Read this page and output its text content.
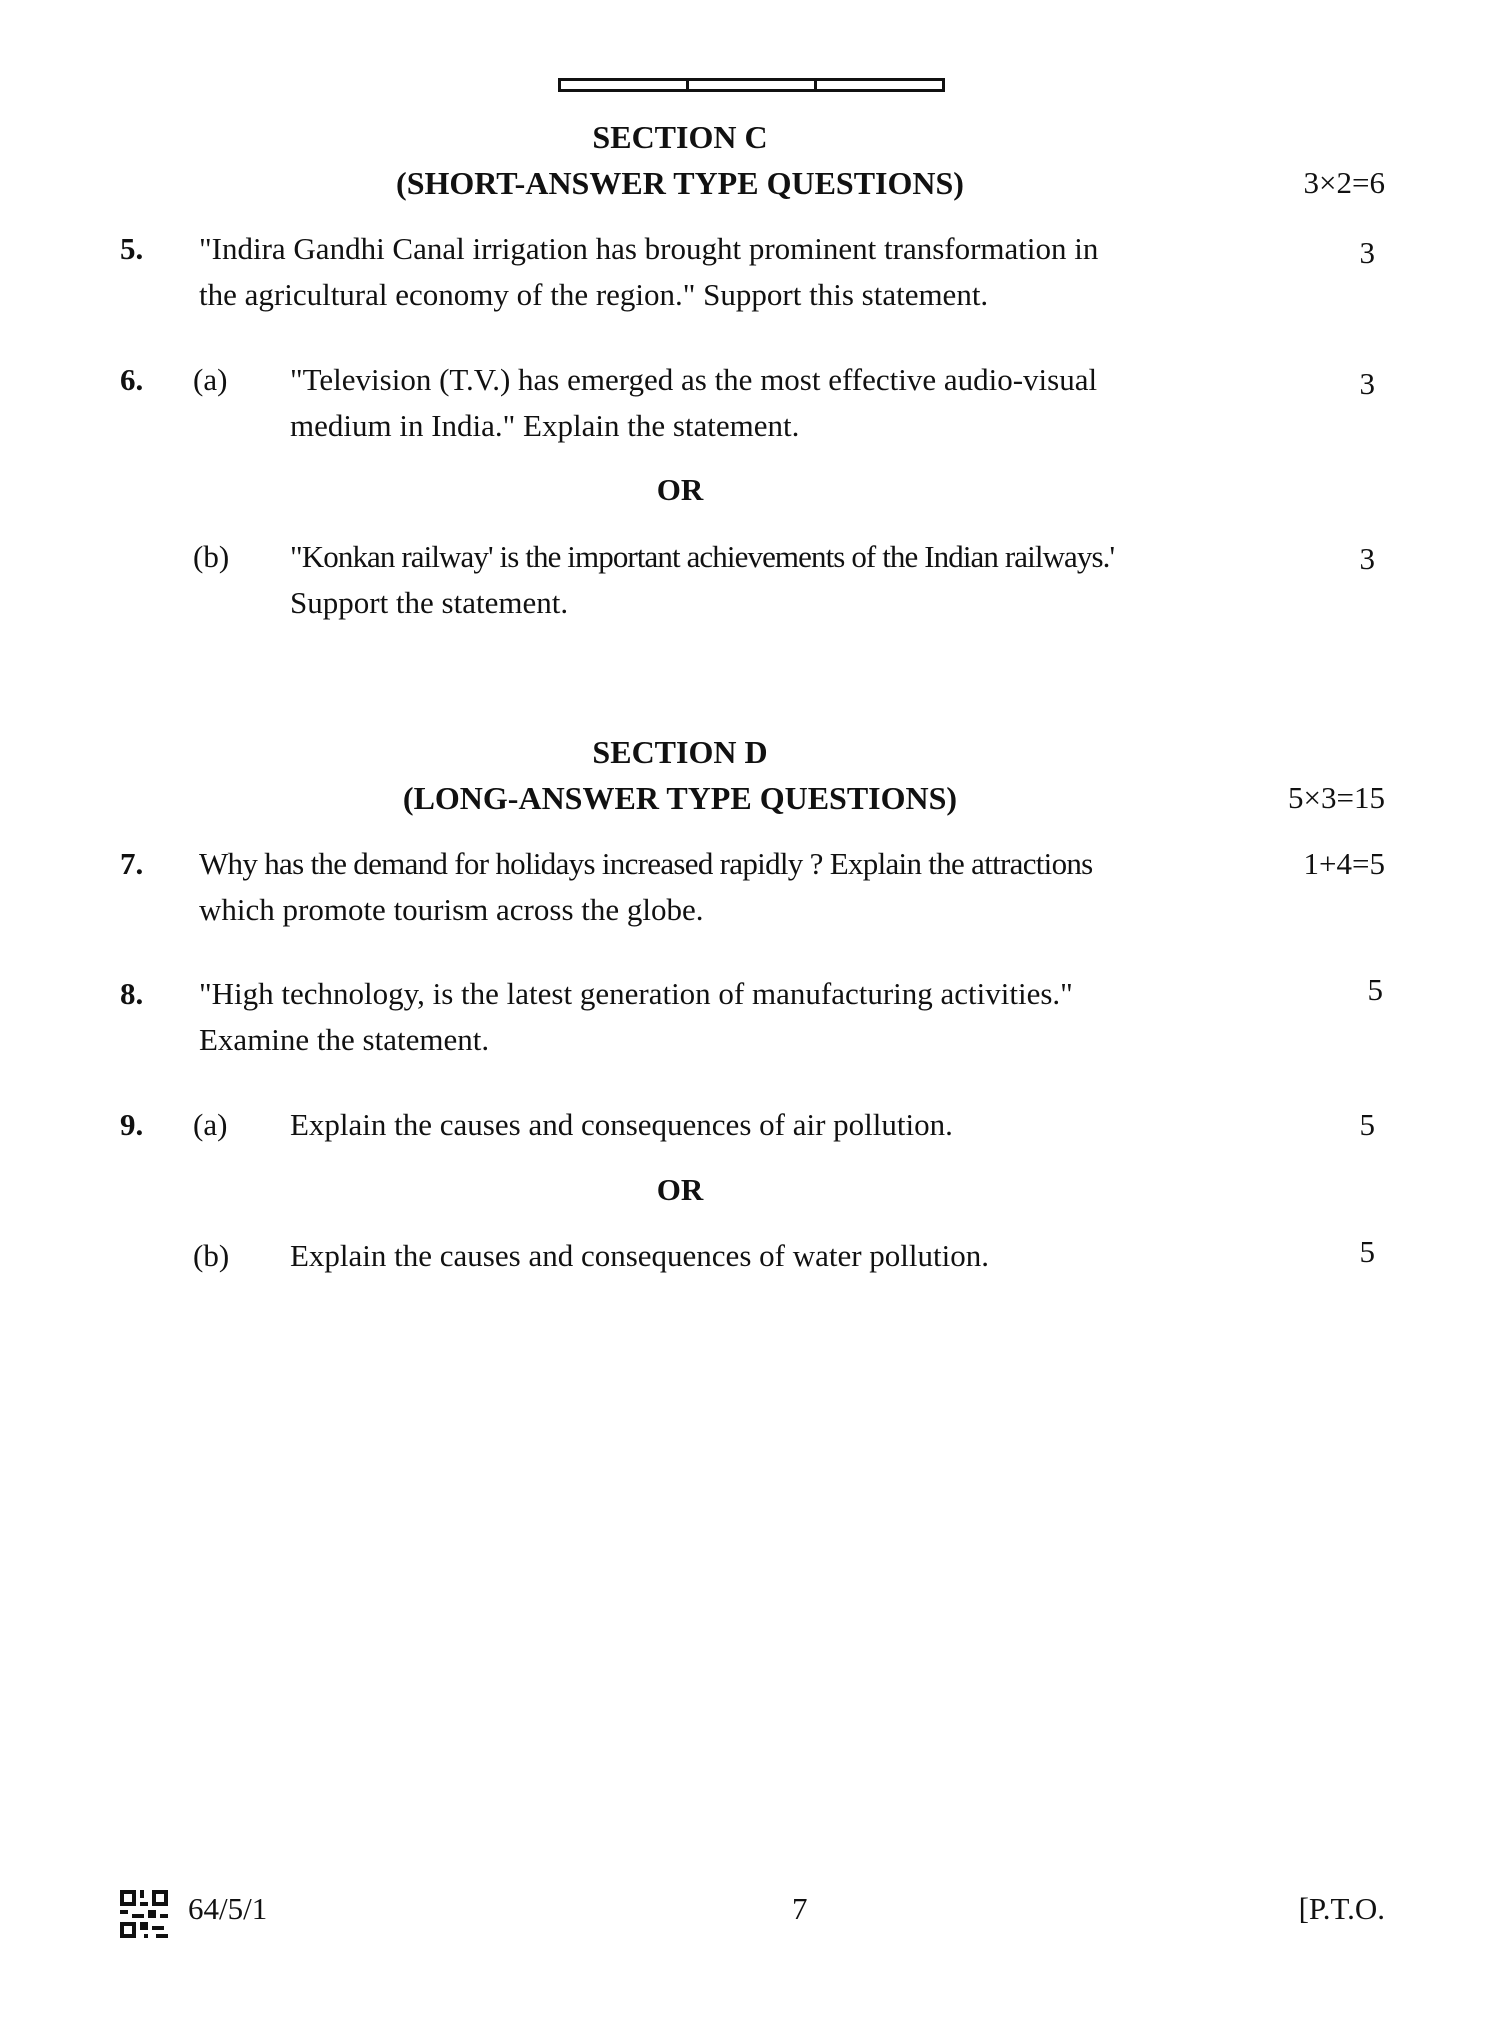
SECTION C
(SHORT-ANSWER TYPE QUESTIONS)	3×2=6
5. "Indira Gandhi Canal irrigation has brought prominent transformation in
the agricultural economy of the region." Support this statement.
3
6. (a) "Television (T.V.) has emerged as the most effective audio-visual
medium in India." Explain the statement.
3
OR
(b) "Konkan railway' is the important achievements of the Indian railways.'
Support the statement.
3
SECTION D
(LONG-ANSWER TYPE QUESTIONS)	5×3=15
7. Why has the demand for holidays increased rapidly ? Explain the attractions
which promote tourism across the globe.
1+4=5
8. "High technology, is the latest generation of manufacturing activities."
Examine the statement.
5
9. (a) Explain the causes and consequences of air pollution.	5
OR
(b) Explain the causes and consequences of water pollution.	5
64/5/1	7	[P.T.O.
